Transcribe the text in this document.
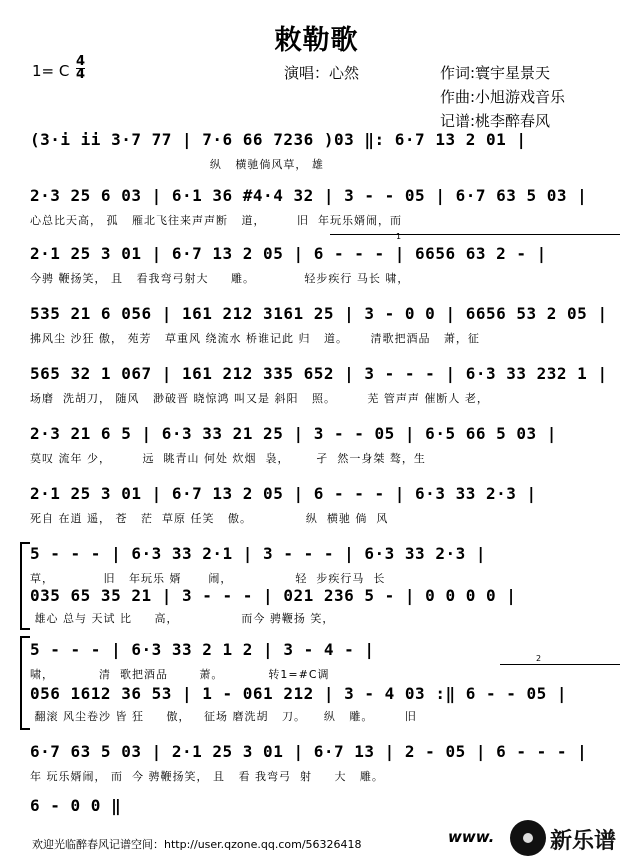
敕勒歌
1= C
4
4	演唱：心然	作词:寰宇星景天
作曲:小旭游戏音乐
记谱:桃李醉春风
(3·i ii 3·7 77 | 7·6 66 7236 )03 ‖: 6·7 13 2 01 |
纵   横驰倘风草， 雄
2·3 25 6 03 | 6·1 36 #4·4 32 | 3 - - 05 | 6·7 63 5 03 |
心总比天高， 孤   雁北飞往来声声断   道，       旧  年玩乐婿闹，而
1
2·1 25 3 01 | 6·7 13 2 05 | 6 - - - | 6656 63 2 - |
今骋 鞭扬笑， 且   看我弯弓射大     雕。           轻步疾行 马长 啸，
535 21 6 056 | 161 212 3161 25 | 3 - 0 0 | 6656 53 2 05 |
拂风尘 沙狂 傲， 苑芳   草重风 绕流水 桥谁记此 归   道。     清歌把酒品   萧，征
565 32 1 067 | 161 212 335 652 | 3 - - - | 6·3 33 232 1 |
场磨  洗胡刀， 随风   渺破晋 晓惊鸿 叫又是 斜阳   照。       芜 管声声 催断人 老，
2·3 21 6 5 | 6·3 33 21 25 | 3 - - 05 | 6·5 66 5 03 |
莫叹 流年 少，       远  眺青山 何处 炊烟  袅，      孑  然一身桀 骜，生
2·1 25 3 01 | 6·7 13 2 05 | 6 - - - | 6·3 33 2·3 |
死自 在逍 遥， 苍   茫  草原 任笑   傲。            纵  横驰 倘  风
5 - - - | 6·3 33 2·1 | 3 - - - | 6·3 33 2·3 |
草，           旧   年玩乐 婿      闹，              轻  步疾行马  长
035 65 35 21 | 3 - - - | 021 236 5 - | 0 0 0 0 |
雄心 总与 天试 比     高，              而今 骋鞭扬 笑，
2
5 - - - | 6·3 33 2 1 2 | 3 - 4 - |
啸，          清  歌把酒品       萧。          转1=#C调
056 1612 36 53 | 1 - 061 212 | 3 - 4 03 :‖ 6 - - 05 |
翻滚 风尘卷沙 皆 狂     傲，   征场 磨洗胡   刀。    纵   雕。       旧
6·7 63 5 03 | 2·1 25 3 01 | 6·7 13 | 2 - 05 | 6 - - - |
年 玩乐婿闹， 而  今 骋鞭扬笑， 且   看 我弯弓  射     大   雕。
6 - 0 0 ‖
欢迎光临醉春风记谱空间：http://user.qzone.qq.com/56326418	www.	新乐谱
